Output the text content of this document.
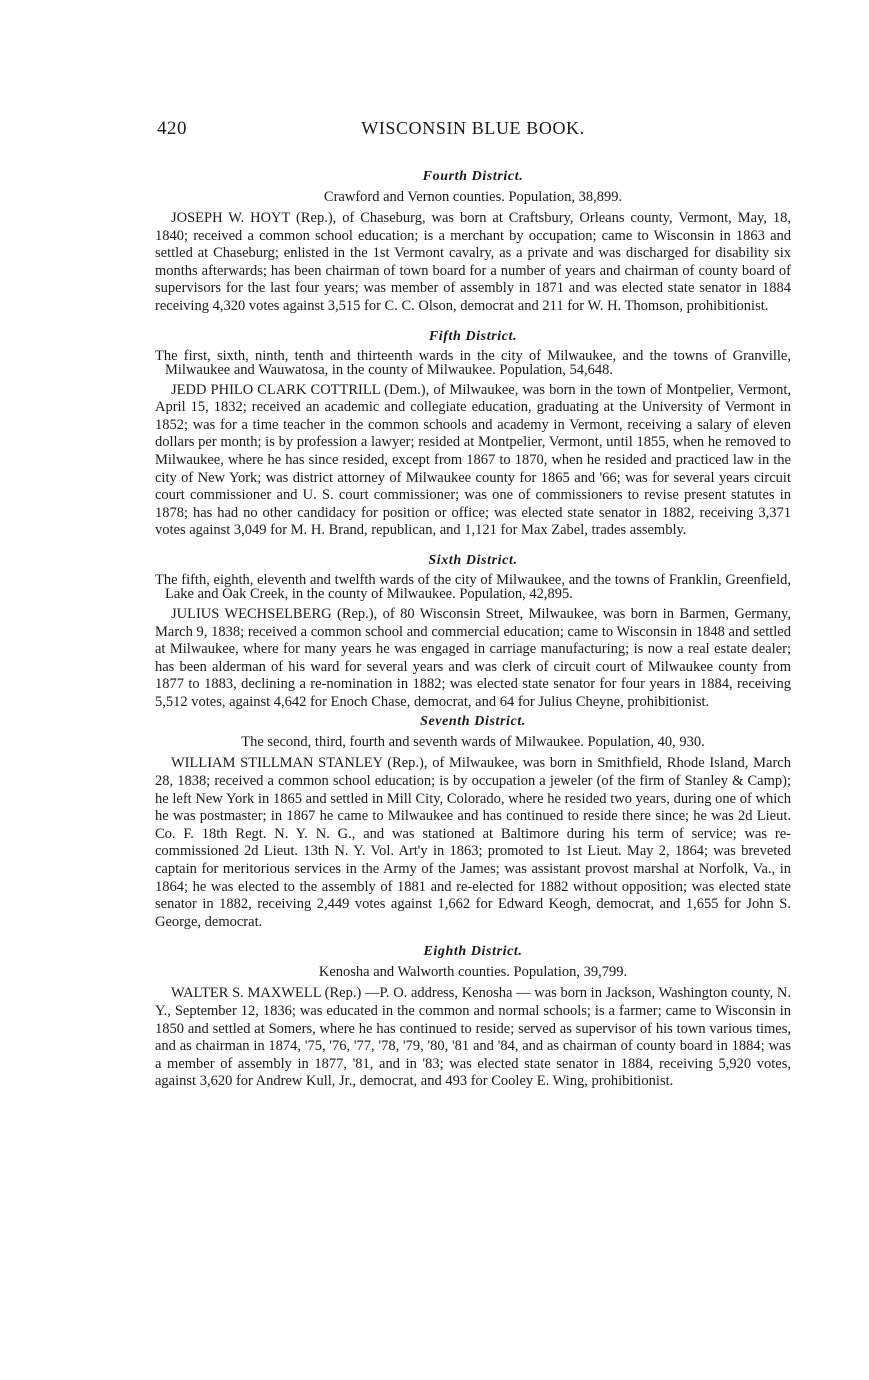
420	WISCONSIN BLUE BOOK.
Fourth District.

Crawford and Vernon counties. Population, 38,899.

JOSEPH W. HOYT (Rep.), of Chaseburg, was born at Craftsbury, Orleans county, Vermont, May, 18, 1840; received a common school education; is a merchant by occupation; came to Wisconsin in 1863 and settled at Chaseburg; enlisted in the 1st Vermont cavalry, as a private and was discharged for disability six months afterwards; has been chairman of town board for a number of years and chairman of county board of supervisors for the last four years; was member of assembly in 1871 and was elected state senator in 1884 receiving 4,320 votes against 3,515 for C. C. Olson, democrat and 211 for W. H. Thomson, prohibitionist.

Fifth District.

The first, sixth, ninth, tenth and thirteenth wards in the city of Milwaukee, and the towns of Granville, Milwaukee and Wauwatosa, in the county of Milwaukee. Population, 54,648.

JEDD PHILO CLARK COTTRILL (Dem.), of Milwaukee, was born in the town of Montpelier, Vermont, April 15, 1832; received an academic and collegiate education, graduating at the University of Vermont in 1852; was for a time teacher in the common schools and academy in Vermont, receiving a salary of eleven dollars per month; is by profession a lawyer; resided at Montpelier, Vermont, until 1855, when he removed to Milwaukee, where he has since resided, except from 1867 to 1870, when he resided and practiced law in the city of New York; was district attorney of Milwaukee county for 1865 and '66; was for several years circuit court commissioner and U. S. court commissioner; was one of commissioners to revise present statutes in 1878; has had no other candidacy for position or office; was elected state senator in 1882, receiving 3,371 votes against 3,049 for M. H. Brand, republican, and 1,121 for Max Zabel, trades assembly.

Sixth District.

The fifth, eighth, eleventh and twelfth wards of the city of Milwaukee, and the towns of Franklin, Greenfield, Lake and Oak Creek, in the county of Milwaukee. Population, 42,895.

JULIUS WECHSELBERG (Rep.), of 80 Wisconsin Street, Milwaukee, was born in Barmen, Germany, March 9, 1838; received a common school and commercial education; came to Wisconsin in 1848 and settled at Milwaukee, where for many years he was engaged in carriage manufacturing; is now a real estate dealer; has been alderman of his ward for several years and was clerk of circuit court of Milwaukee county from 1877 to 1883, declining a re-nomination in 1882; was elected state senator for four years in 1884, receiving 5,512 votes, against 4,642 for Enoch Chase, democrat, and 64 for Julius Cheyne, prohibitionist.

Seventh District.

The second, third, fourth and seventh wards of Milwaukee. Population, 40, 930.

WILLIAM STILLMAN STANLEY (Rep.), of Milwaukee, was born in Smithfield, Rhode Island, March 28, 1838; received a common school education; is by occupation a jeweler (of the firm of Stanley & Camp); he left New York in 1865 and settled in Mill City, Colorado, where he resided two years, during one of which he was postmaster; in 1867 he came to Milwaukee and has continued to reside there since; he was 2d Lieut. Co. F. 18th Regt. N. Y. N. G., and was stationed at Baltimore during his term of service; was re-commissioned 2d Lieut. 13th N. Y. Vol. Art'y in 1863; promoted to 1st Lieut. May 2, 1864; was breveted captain for meritorious services in the Army of the James; was assistant provost marshal at Norfolk, Va., in 1864; he was elected to the assembly of 1881 and re-elected for 1882 without opposition; was elected state senator in 1882, receiving 2,449 votes against 1,662 for Edward Keogh, democrat, and 1,655 for John S. George, democrat.

Eighth District.

Kenosha and Walworth counties. Population, 39,799.

WALTER S. MAXWELL (Rep.) —P. O. address, Kenosha — was born in Jackson, Washington county, N. Y., September 12, 1836; was educated in the common and normal schools; is a farmer; came to Wisconsin in 1850 and settled at Somers, where he has continued to reside; served as supervisor of his town various times, and as chairman in 1874, '75, '76, '77, '78, '79, '80, '81 and '84, and as chairman of county board in 1884; was a member of assembly in 1877, '81, and in '83; was elected state senator in 1884, receiving 5,920 votes, against 3,620 for Andrew Kull, Jr., democrat, and 493 for Cooley E. Wing, prohibitionist.
